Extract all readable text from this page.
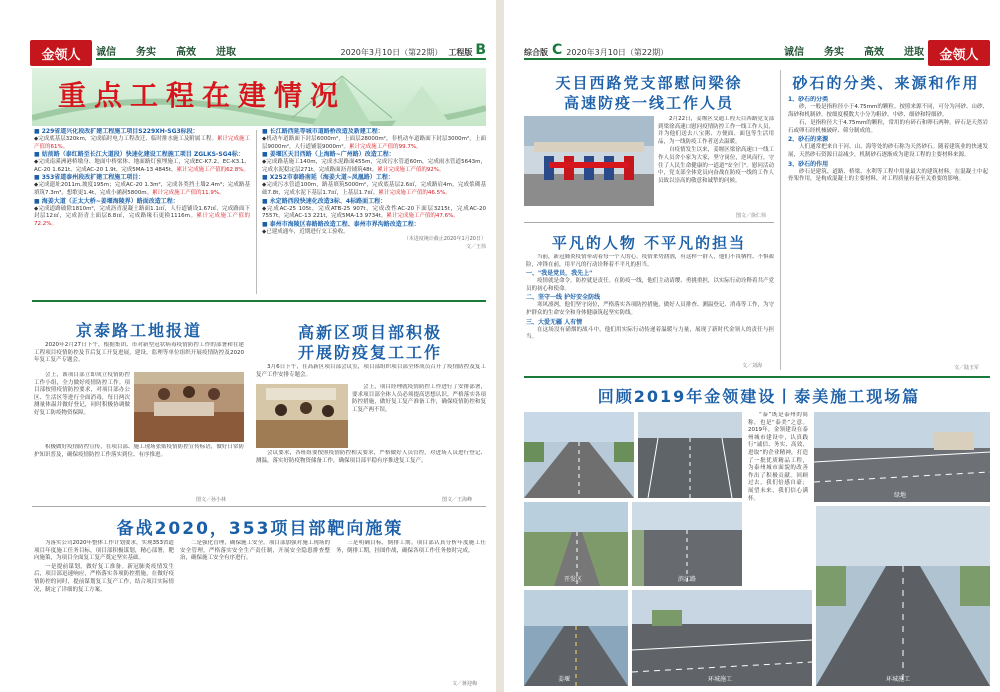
金领人	诚信 务实 高效 进取	2020年3月10日（第22期） 工程版 B
重点工程在建情况
■ 229省道兴化段改扩建工程施工项目S229XH-SG3标段：
◆完成底基层320km，完成临时电力工程改迁、临时排水施工及附属工程。累计完成施工产值的61%。
■ 姑前路（泰红路至长江大道段）快速化建设工程施工项目 ZGLKS-SG4标：
◆完成南溪洲港桥墩身、地面中桥梁体、地面路灯预埋施工，完成EC-K7.2、EC-K3.1、AC-20 1.621t、完成AC-20 1.9t、完成5MA-13 4845t。累计完成施工产值的62.8%。
■ 353省道泰州段改扩建工程施工项目：
◆完成遗址2011m,坡度195m；完成AC-20 1.3m²，完成各类挡土墙2.4m³；完成路基填筑7.3m³，想歌更1.4t，完成小涵洞5800m。累计完成施工产值的11.9%。
■ 海姜大道（正太大桥~姜堰海陵界）路面改造工程：
◆完成道路破除1810m²，完成沥青混凝土路面1.1㎡，人行道铺设1.67㎡，完成路面下封层12㎡，完成沥青上面层8.8㎡，完成路缘石更换1116m。累计完成施工产值的72.2%。
■ 长江路西延等城市道路桥改造及新建工程：
◆机动车道路面下封层6000m²，上面层28000m²，非机动车道路面下封层3000m²，上面层9000m²，人行道铺装9000m²。累计完成施工产值的99.7%。
■ 姜堰区天目西路（上海路~广州路）改造工程：
◆完成路基施工140m，完成水泥路面455m，完成污水管道60m，完成雨水管道5643m，完成水泥稳定层271t，完成路面沥青铺筑48t。累计完成施工产值的92%。
■ X252市泰路南延（海姜大道~凤凰路）工程：
◆完成污水管道100m，路基填筑5000m²，完成底基层2.6㎡，完成路肩4m，完成浆砌基础7.8t，完成水泥下基层1.7㎡，上基层1.7㎡。累计完成施工产值的46.5%。
■ 永定路西段快速化改造3标、4标路面工程：
◆完成AC-25 105t，完成ATB-25 907t，完成改性AC-20下面层3215t，完成AC-20 7557t，完成AC-13 221t，完成5MA-13 9734t。累计完成施工产值的47.6%。
■ 泰州市海陵区春路路改造工程、泰州市界沟路改造工程：
◆已建成通车，近期进行交工验收。
（本进度统计截止2020年1月20日）
文／王伟
京泰路工地报道
2020年2月27日下午，根据集团、市对新型冠状病毒疫情防控工作的部署和在建工程项目疫情防控及节后复工开复进展，建设、监理等单位组织开展疫情防控及2020年复工复产专题会。
会上，该项目部立即成立疫情防控工作小组，全力做好疫情防控工作。项目部按照疫情防控要求，对项目部办公区、生活区等进行全面消毒，每日两次测量体温并做好登记，同时积极协调做好复工防疫物资保障。
积极做好疫情防控宣传，在项目部、施工现场张贴疫情防控宣传标语，做好日常防护知识普及，确保疫情防控工作落实到位、有序推进。
图文／孙小林
高新区项目部积极
开展防疫复工工作
3月6日下午，在高新区项目部会议室，项目部组织项目部全体成员召开了疫情防控及复工复产工作安排专题会。
会上，项目经理就疫情防控工作进行了安排部署，要求项目部全体人员必须提高思想认识，严格落实各项防控措施，做好复工复产准备工作，确保疫情防控和复工复产两不误。
会议要求，各班组要按照疫情防控相关要求，严格做好人员管控，对进场人员进行登记、测温，落实好防疫物资储备工作，确保项目部平稳有序推进复工复产。
图文／王海峰
备战2020，353项目部靶向施策
为落实公司2020年整体工作计划要求，实现353省道项目年度施工任务目标，项目部积极谋划，精心部署，靶向施策，为项目全面复工复产奠定坚实基础。
一是提前谋划，做好复工准备。新冠肺炎疫情发生后，项目部迅速响应，严格落实各项防控措施，在做好疫情防控的同时，提前谋划复工复产工作，结合项目实际情况，制定了详细的复工方案。
二是强化管理，确保施工安全。项目部加强对施工现场的安全管理，严格落实安全生产责任制，开展安全隐患排查整治，确保施工安全有序进行。
三是明确目标，倒排工期。项目部认真分析年度施工任务，倒排工期，挂图作战，确保各项工作任务按时完成。
文／蒋迎梅
综合版 C 2020年3月10日（第22期）	诚信 务实 高效 进取	金领人
天目西路党支部慰问梁徐
高速防疫一线工作人员
2月22日，姜堰区交通工程天目西路党支部到梁徐高速口慰问疫情防控工作一线工作人员，并为他们送去八宝粥、方便面、面包等生活用品，为一线防疫工作者送去温暖。
自疫情发生以来，姜堰区梁徐高速口一线工作人员舍小家为大家，坚守岗位，逆风而行，守住了人民生命健康的一道道"安全门"。慰问活动中，党支部全体党员向奋战在防疫一线的工作人员致以崇高的敬意和诚挚的问候。
图文／徐仁伟
平凡的人物 不平凡的担当
当前，新冠肺炎疫情牵动着每一个人的心。疫情来势汹汹，有这样一群人，他们不畏牺牲、不惧艰险，冲锋在前，用平凡的行动诠释着不平凡的担当。
一、"我是党员，我先上"
疫情就是命令，防控就是责任。在防疫一线，他们主动请缨、勇挑重担，以实际行动诠释着共产党员的初心和使命。
二、坚守一线 护好安全防线
寒风凛冽，他们坚守岗位，严格落实各项防控措施，做好人员排查、测温登记、消毒等工作，为守护群众的生命安全和身体健康筑起坚实防线。
三、大爱无疆 人有情
在这场没有硝烟的战斗中，他们用实际行动传递着温暖与力量，展现了新时代金领人的责任与担当。
文／刘海
砂石的分类、来源和作用
1、砂石的分类
砂，一般是指粒径小于4.75mm的颗粒。按照来源不同，可分为河砂、山砂、海砂和机制砂。按细度模数大小分为粗砂、中砂、细砂和特细砂。
石，是指粒径大于4.75mm的颗粒，常用的有碎石和卵石两种。碎石是天然岩石或卵石经机械破碎、筛分制成的。
2、砂石的来源
人们通常把来自于河、山、海等处的砂石称为天然砂石。随着建筑业的快速发展，天然砂石资源日益减少，机制砂石逐渐成为建设工程的主要材料来源。
3、砂石的作用
砂石是建筑、道路、桥梁、水利等工程中用量最大的建筑材料，在混凝土中起骨架作用，是构成混凝土的主要材料，对工程质量有着至关重要的影响。
文／陆玉军
回顾2019年金领建设丨泰美施工现场篇
“泰”既是泰州的简称，也是“泰美”之意。2019年，金领建设在泰州城市建设中，认真践行“诚信、务实、高效、进取”的企业精神，打造了一批优质精品工程，为泰州城市面貌的改善作出了积极贡献。回顾过去，我们倍感自豪；展望未来，我们信心满怀。
开发区	滨江路
绿地
姜堰	环城施工	环城施工
